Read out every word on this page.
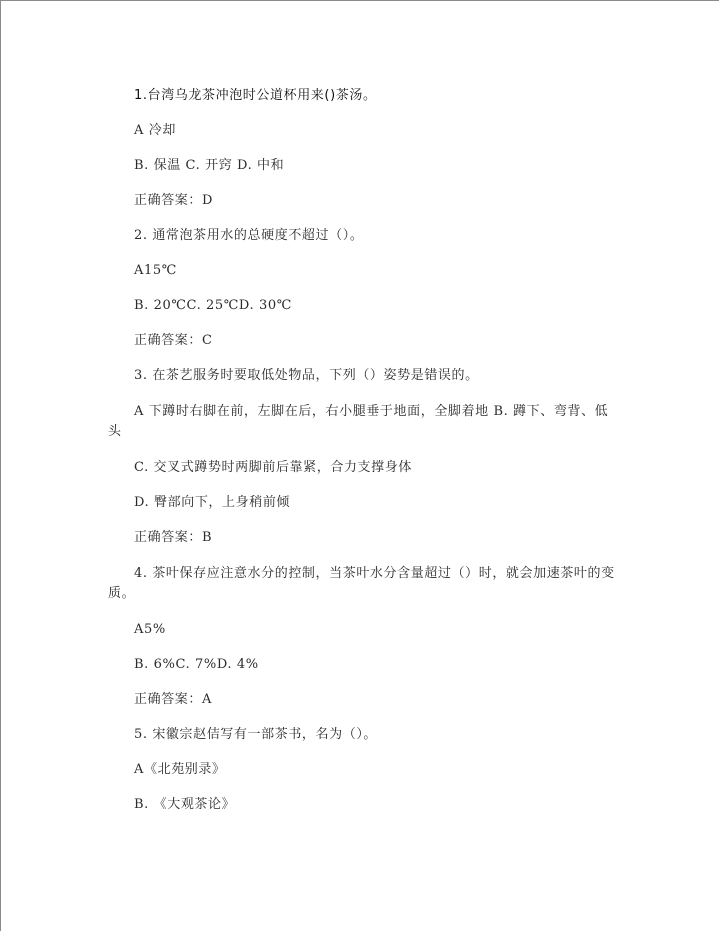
1.台湾乌龙茶冲泡时公道杯用来()茶汤。

A 冷却

B. 保温 C. 开窍 D. 中和

正确答案：D

2. 通常泡茶用水的总硬度不超过（）。

A15℃

B. 20℃C. 25℃D. 30℃

正确答案：C

3. 在茶艺服务时要取低处物品，下列（）姿势是错误的。

A 下蹲时右脚在前，左脚在后，右小腿垂于地面，全脚着地 B. 蹲下、弯背、低头

C. 交叉式蹲势时两脚前后靠紧，合力支撑身体

D. 臀部向下，上身稍前倾

正确答案：B

4. 茶叶保存应注意水分的控制，当茶叶水分含量超过（）时，就会加速茶叶的变质。

A5%

B. 6%C. 7%D. 4%

正确答案：A

5. 宋徽宗赵佶写有一部茶书，名为（）。

A《北苑别录》

B. 《大观茶论》
